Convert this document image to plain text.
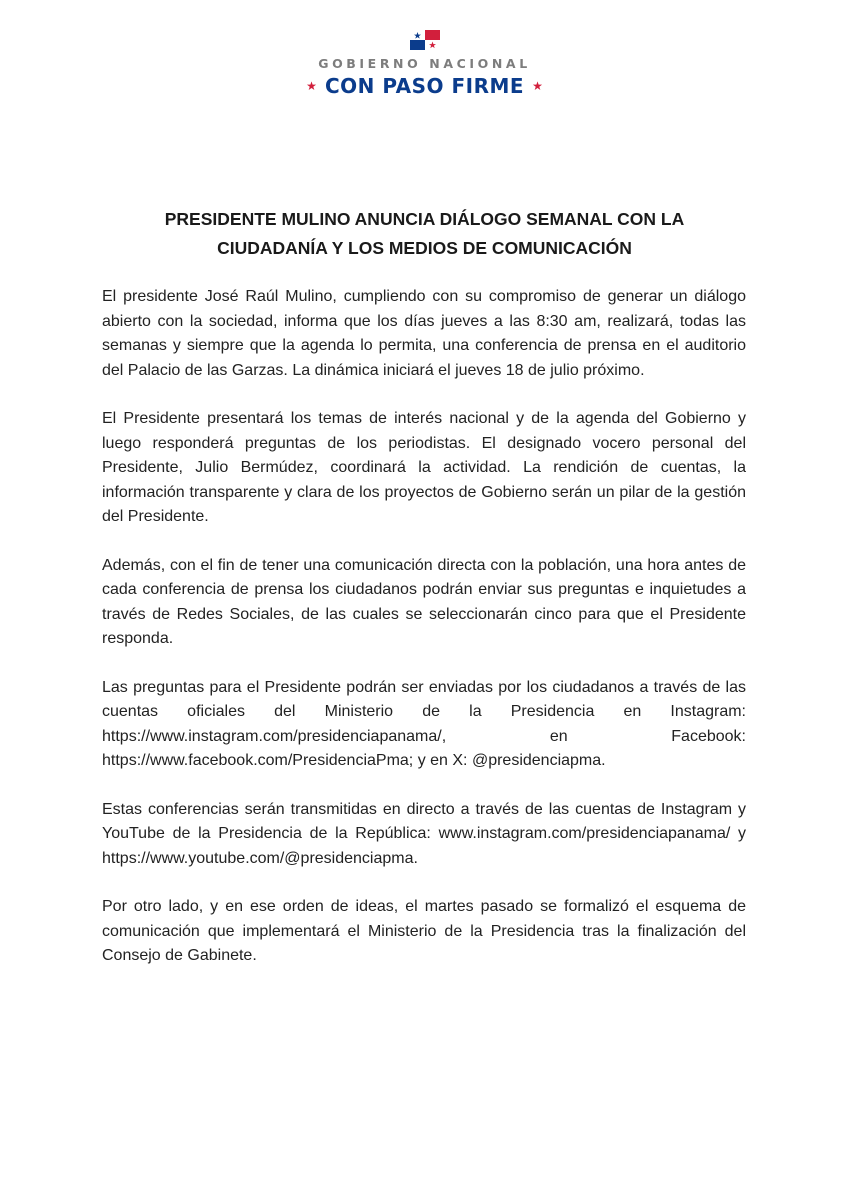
GOBIERNO NACIONAL
★ CON PASO FIRME ★
PRESIDENTE MULINO ANUNCIA DIÁLOGO SEMANAL CON LA
CIUDADANÍA Y LOS MEDIOS DE COMUNICACIÓN

El presidente José Raúl Mulino, cumpliendo con su compromiso de generar un diálogo abierto con la sociedad, informa que los días jueves a las 8:30 am, realizará, todas las semanas y siempre que la agenda lo permita, una conferencia de prensa en el auditorio del Palacio de las Garzas. La dinámica iniciará el jueves 18 de julio próximo.

El Presidente presentará los temas de interés nacional y de la agenda del Gobierno y luego responderá preguntas de los periodistas. El designado vocero personal del Presidente, Julio Bermúdez, coordinará la actividad. La rendición de cuentas, la información transparente y clara de los proyectos de Gobierno serán un pilar de la gestión del Presidente.

Además, con el fin de tener una comunicación directa con la población, una hora antes de cada conferencia de prensa los ciudadanos podrán enviar sus preguntas e inquietudes a través de Redes Sociales, de las cuales se seleccionarán cinco para que el Presidente responda.

Las preguntas para el Presidente podrán ser enviadas por los ciudadanos a través de las cuentas oficiales del Ministerio de la Presidencia en Instagram: https://www.instagram.com/presidenciapanama/, en Facebook: https://www.facebook.com/PresidenciaPma; y en X: @presidenciapma.

Estas conferencias serán transmitidas en directo a través de las cuentas de Instagram y YouTube de la Presidencia de la República: www.instagram.com/presidenciapanama/ y https://www.youtube.com/@presidenciapma.

Por otro lado, y en ese orden de ideas, el martes pasado se formalizó el esquema de comunicación que implementará el Ministerio de la Presidencia tras la finalización del Consejo de Gabinete.
